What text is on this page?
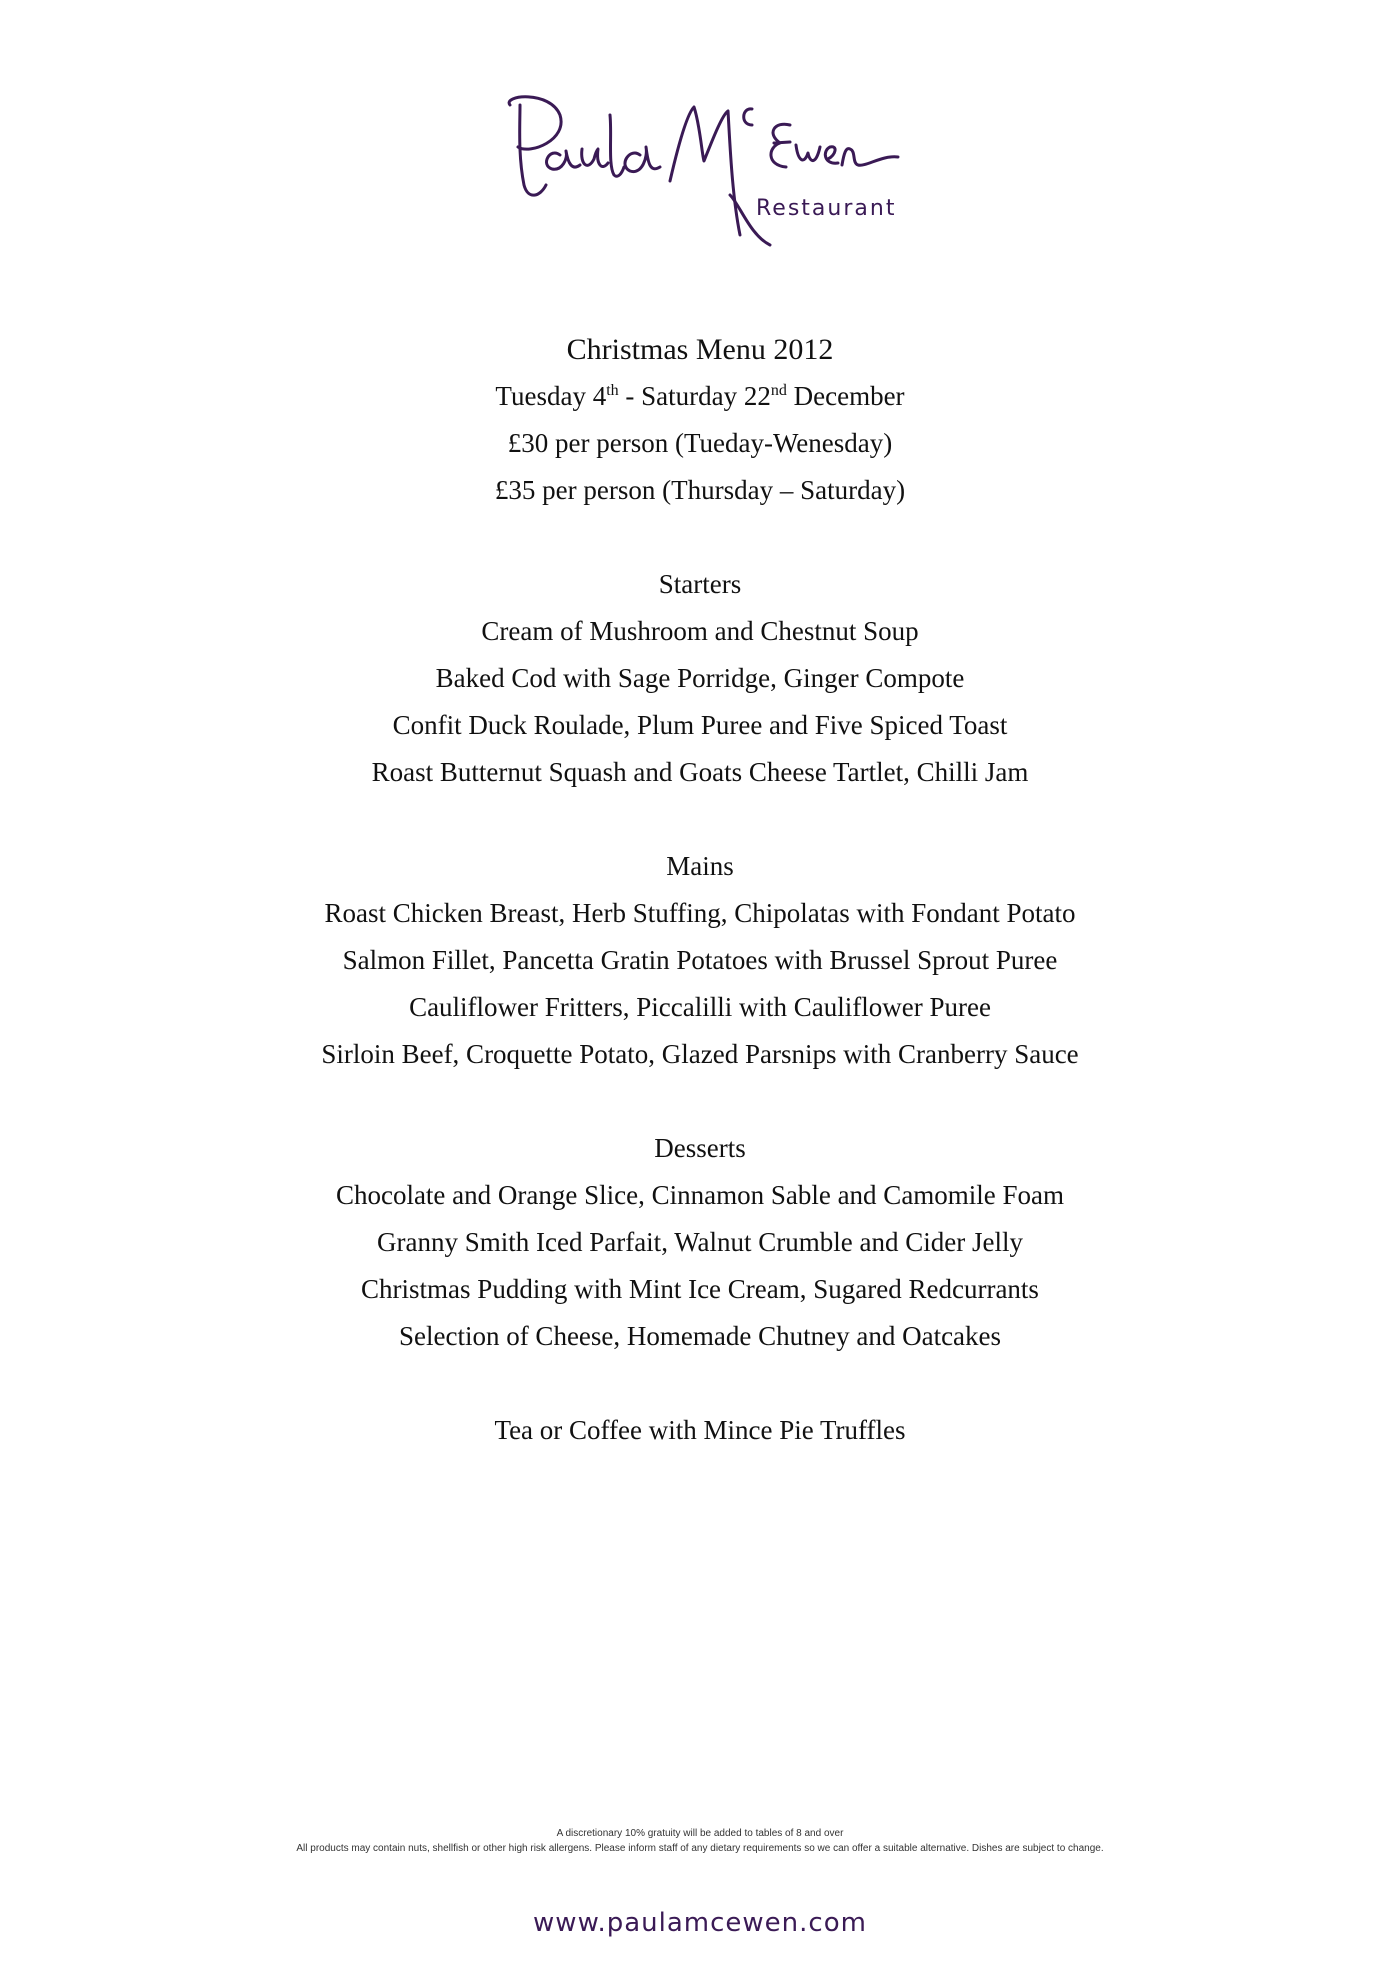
Restaurant
Christmas Menu 2012
Tuesday 4th - Saturday 22nd December
£30 per person (Tueday-Wenesday)
£35 per person (Thursday – Saturday)
Starters
Cream of Mushroom and Chestnut Soup
Baked Cod with Sage Porridge, Ginger Compote
Confit Duck Roulade, Plum Puree and Five Spiced Toast
Roast Butternut Squash and Goats Cheese Tartlet, Chilli Jam
Mains
Roast Chicken Breast, Herb Stuffing, Chipolatas with Fondant Potato
Salmon Fillet, Pancetta Gratin Potatoes with Brussel Sprout Puree
Cauliflower Fritters, Piccalilli with Cauliflower Puree
Sirloin Beef, Croquette Potato, Glazed Parsnips with Cranberry Sauce
Desserts
Chocolate and Orange Slice, Cinnamon Sable and Camomile Foam
Granny Smith Iced Parfait, Walnut Crumble and Cider Jelly
Christmas Pudding with Mint Ice Cream, Sugared Redcurrants
Selection of Cheese, Homemade Chutney and Oatcakes
Tea or Coffee with Mince Pie Truffles
A discretionary 10% gratuity will be added to tables of 8 and over
All products may contain nuts, shellfish or other high risk allergens. Please inform staff of any dietary requirements so we can offer a suitable alternative. Dishes are subject to change.
www.paulamcewen.com
